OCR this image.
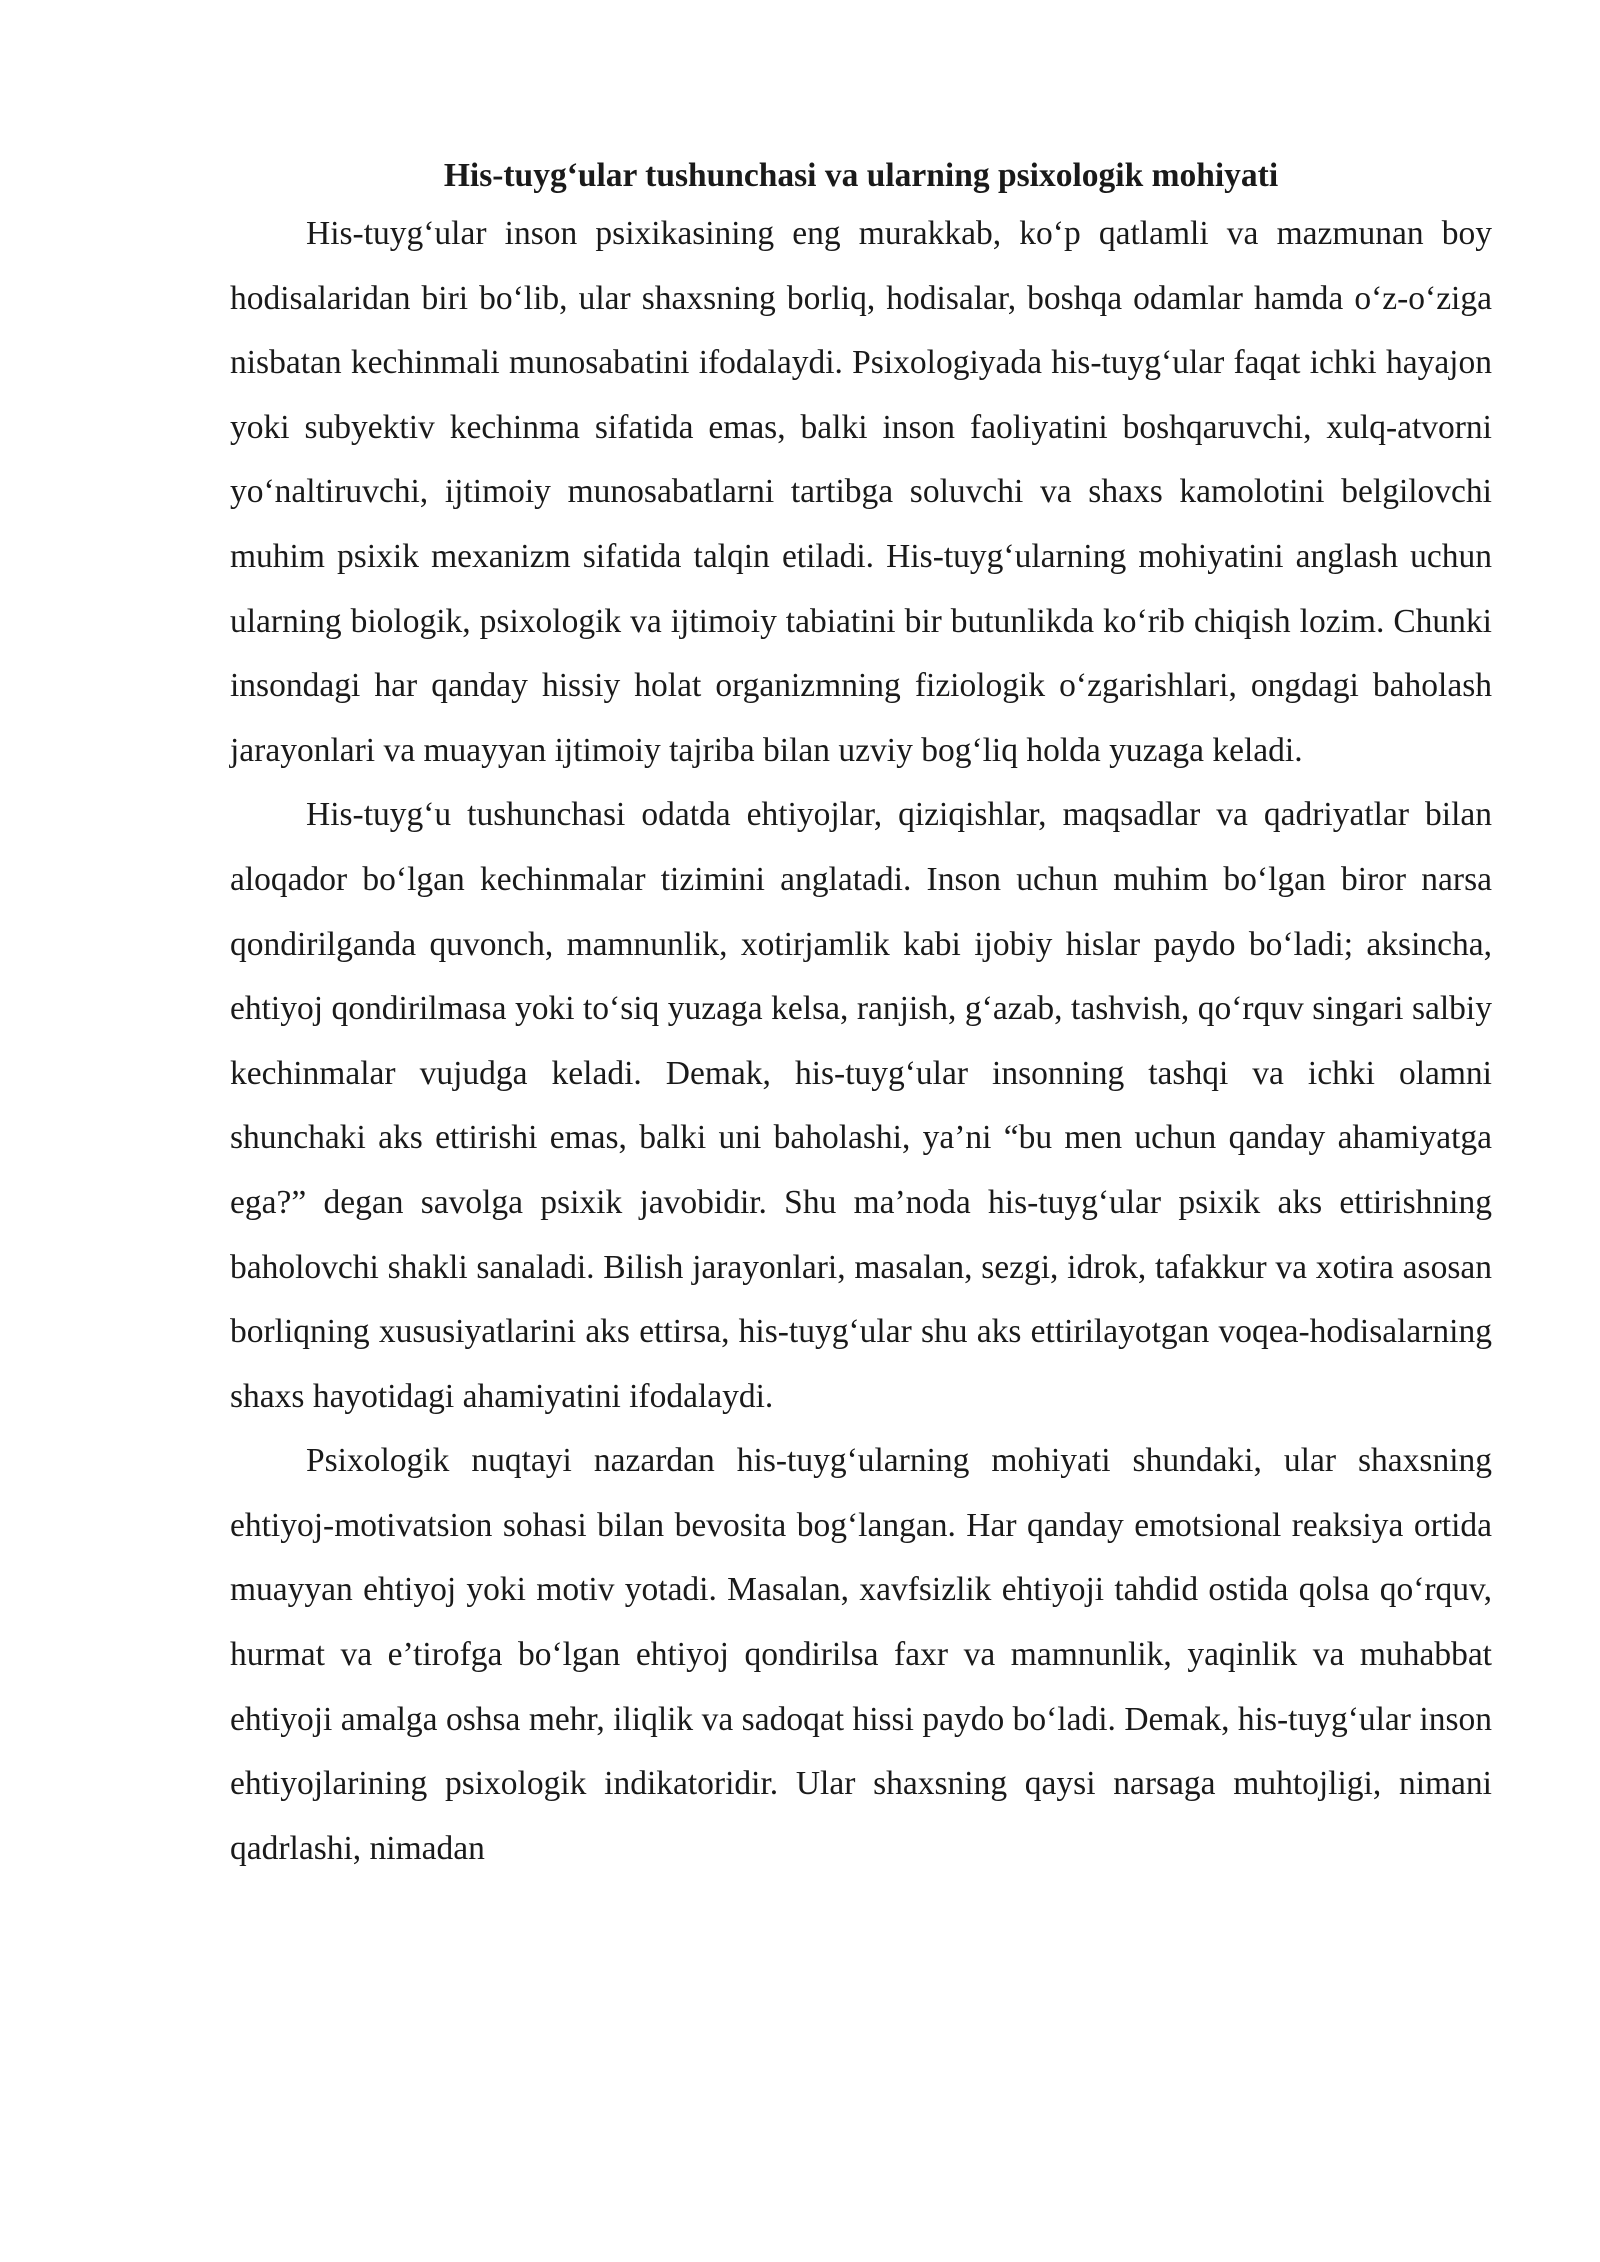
His-tuyg‘ular tushunchasi va ularning psixologik mohiyati

His-tuyg‘ular inson psixikasining eng murakkab, ko‘p qatlamli va mazmunan boy hodisalaridan biri bo‘lib, ular shaxsning borliq, hodisalar, boshqa odamlar hamda o‘z-o‘ziga nisbatan kechinmali munosabatini ifodalaydi. Psixologiyada his-tuyg‘ular faqat ichki hayajon yoki subyektiv kechinma sifatida emas, balki inson faoliyatini boshqaruvchi, xulq-atvorni yo‘naltiruvchi, ijtimoiy munosabatlarni tartibga soluvchi va shaxs kamolotini belgilovchi muhim psixik mexanizm sifatida talqin etiladi. His-tuyg‘ularning mohiyatini anglash uchun ularning biologik, psixologik va ijtimoiy tabiatini bir butunlikda ko‘rib chiqish lozim. Chunki insondagi har qanday hissiy holat organizmning fiziologik o‘zgarishlari, ongdagi baholash jarayonlari va muayyan ijtimoiy tajriba bilan uzviy bog‘liq holda yuzaga keladi.

His-tuyg‘u tushunchasi odatda ehtiyojlar, qiziqishlar, maqsadlar va qadriyatlar bilan aloqador bo‘lgan kechinmalar tizimini anglatadi. Inson uchun muhim bo‘lgan biror narsa qondirilganda quvonch, mamnunlik, xotirjamlik kabi ijobiy hislar paydo bo‘ladi; aksincha, ehtiyoj qondirilmasa yoki to‘siq yuzaga kelsa, ranjish, g‘azab, tashvish, qo‘rquv singari salbiy kechinmalar vujudga keladi. Demak, his-tuyg‘ular insonning tashqi va ichki olamni shunchaki aks ettirishi emas, balki uni baholashi, ya’ni “bu men uchun qanday ahamiyatga ega?” degan savolga psixik javobidir. Shu ma’noda his-tuyg‘ular psixik aks ettirishning baholovchi shakli sanaladi. Bilish jarayonlari, masalan, sezgi, idrok, tafakkur va xotira asosan borliqning xususiyatlarini aks ettirsa, his-tuyg‘ular shu aks ettirilayotgan voqea-hodisalarning shaxs hayotidagi ahamiyatini ifodalaydi.

Psixologik nuqtayi nazardan his-tuyg‘ularning mohiyati shundaki, ular shaxsning ehtiyoj-motivatsion sohasi bilan bevosita bog‘langan. Har qanday emotsional reaksiya ortida muayyan ehtiyoj yoki motiv yotadi. Masalan, xavfsizlik ehtiyoji tahdid ostida qolsa qo‘rquv, hurmat va e’tirofga bo‘lgan ehtiyoj qondirilsa faxr va mamnunlik, yaqinlik va muhabbat ehtiyoji amalga oshsa mehr, iliqlik va sadoqat hissi paydo bo‘ladi. Demak, his-tuyg‘ular inson ehtiyojlarining psixologik indikatoridir. Ular shaxsning qaysi narsaga muhtojligi, nimani qadrlashi, nimadan
